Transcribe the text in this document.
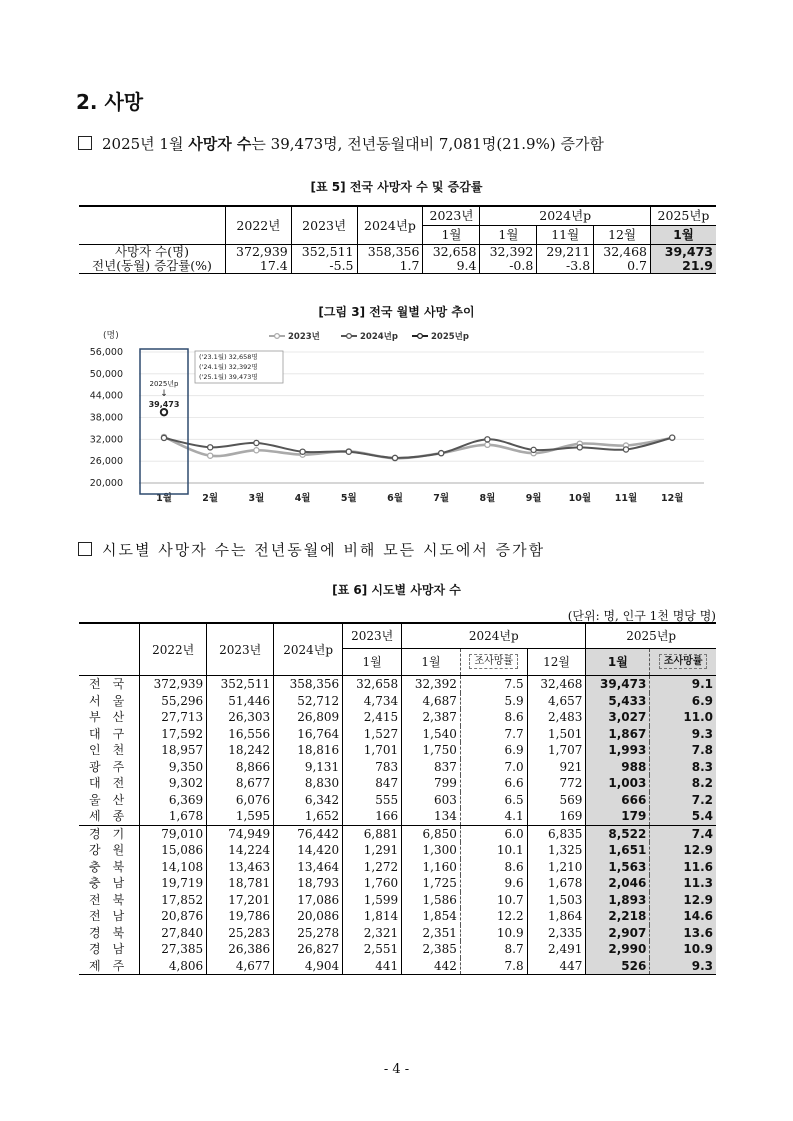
2. 사망
2025년 1월 사망자 수는 39,473명, 전년동월대비 7,081명(21.9%) 증가함
[표 5] 전국 사망자 수 및 증감률
	2022년	2023년	2024년p	2023년	2024년p			2025년p
				1월	1월	11월	12월	1월
사망자 수(명)	372,939	352,511	358,356	32,658	32,392	29,211	32,468	39,473
전년(동월) 증감률(%)	17.4	-5.5	1.7	9.4	-0.8	-3.8	0.7	21.9
[그림 3] 전국 월별 사망 추이
56,000
50,000
44,000
38,000
32,000
26,000
20,000
1월	2월	3월	4월	5월	6월	7월	8월	9월	10월	11월	12월
(명)	2023년	2024년p	2025년p
('23.1월) 32,658명
('24.1월) 32,392명
('25.1월) 39,473명
2025년p
↓
39,473
시도별 사망자 수는 전년동월에 비해 모든 시도에서 증가함
[표 6] 시도별 사망자 수
(단위: 명, 인구 1천 명당 명)
	2022년	2023년	2024년p	2023년	2024년p			2025년p	
				1월	1월	조사망률	12월	1월	조사망률
전국	372,939	352,511	358,356	32,658	32,392	7.5	32,468	39,473	9.1
서울	55,296	51,446	52,712	4,734	4,687	5.9	4,657	5,433	6.9
부산	27,713	26,303	26,809	2,415	2,387	8.6	2,483	3,027	11.0
대구	17,592	16,556	16,764	1,527	1,540	7.7	1,501	1,867	9.3
인천	18,957	18,242	18,816	1,701	1,750	6.9	1,707	1,993	7.8
광주	9,350	8,866	9,131	783	837	7.0	921	988	8.3
대전	9,302	8,677	8,830	847	799	6.6	772	1,003	8.2
울산	6,369	6,076	6,342	555	603	6.5	569	666	7.2
세종	1,678	1,595	1,652	166	134	4.1	169	179	5.4
경기	79,010	74,949	76,442	6,881	6,850	6.0	6,835	8,522	7.4
강원	15,086	14,224	14,420	1,291	1,300	10.1	1,325	1,651	12.9
충북	14,108	13,463	13,464	1,272	1,160	8.6	1,210	1,563	11.6
충남	19,719	18,781	18,793	1,760	1,725	9.6	1,678	2,046	11.3
전북	17,852	17,201	17,086	1,599	1,586	10.7	1,503	1,893	12.9
전남	20,876	19,786	20,086	1,814	1,854	12.2	1,864	2,218	14.6
경북	27,840	25,283	25,278	2,321	2,351	10.9	2,335	2,907	13.6
경남	27,385	26,386	26,827	2,551	2,385	8.7	2,491	2,990	10.9
제주	4,806	4,677	4,904	441	442	7.8	447	526	9.3
- 4 -
